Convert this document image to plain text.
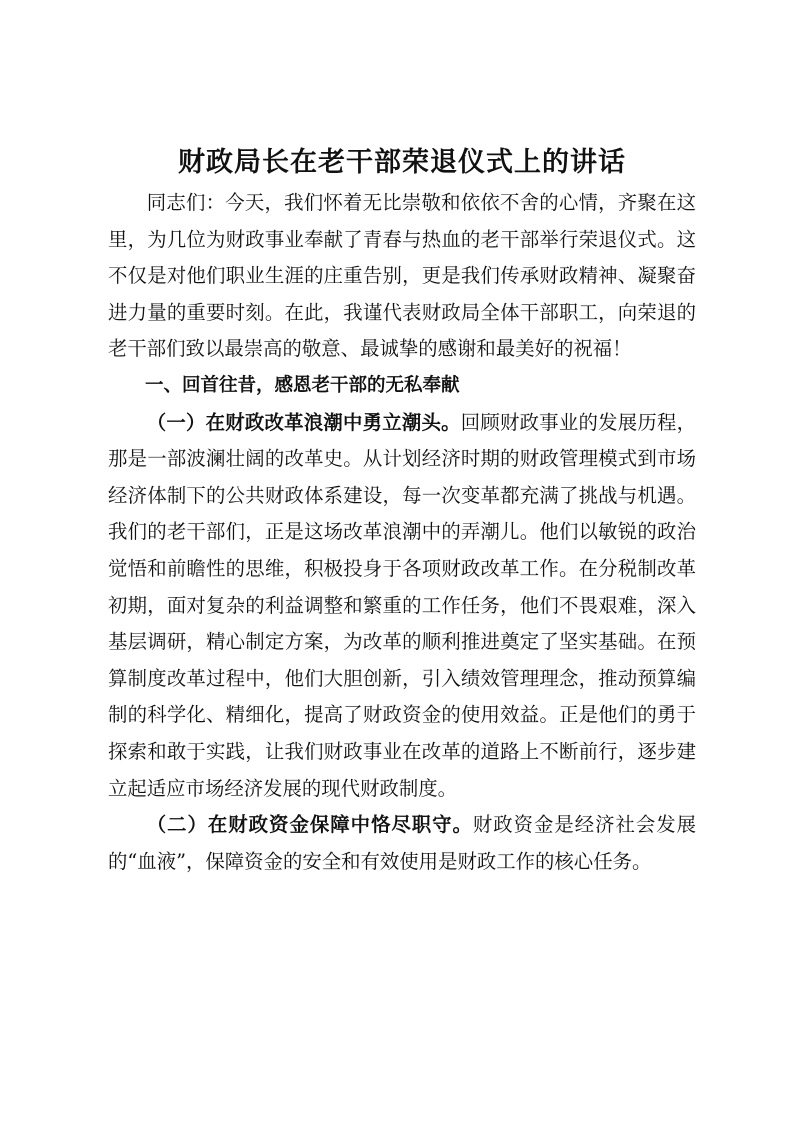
财政局长在老干部荣退仪式上的讲话

同志们：今天，我们怀着无比崇敬和依依不舍的心情，齐聚在这里，为几位为财政事业奉献了青春与热血的老干部举行荣退仪式。这不仅是对他们职业生涯的庄重告别，更是我们传承财政精神、凝聚奋进力量的重要时刻。在此，我谨代表财政局全体干部职工，向荣退的老干部们致以最崇高的敬意、最诚挚的感谢和最美好的祝福！

一、回首往昔，感恩老干部的无私奉献

（一）在财政改革浪潮中勇立潮头。回顾财政事业的发展历程，那是一部波澜壮阔的改革史。从计划经济时期的财政管理模式到市场经济体制下的公共财政体系建设，每一次变革都充满了挑战与机遇。我们的老干部们，正是这场改革浪潮中的弄潮儿。他们以敏锐的政治觉悟和前瞻性的思维，积极投身于各项财政改革工作。在分税制改革初期，面对复杂的利益调整和繁重的工作任务，他们不畏艰难，深入基层调研，精心制定方案，为改革的顺利推进奠定了坚实基础。在预算制度改革过程中，他们大胆创新，引入绩效管理理念，推动预算编制的科学化、精细化，提高了财政资金的使用效益。正是他们的勇于探索和敢于实践，让我们财政事业在改革的道路上不断前行，逐步建立起适应市场经济发展的现代财政制度。

（二）在财政资金保障中恪尽职守。财政资金是经济社会发展的“血液”，保障资金的安全和有效使用是财政工作的核心任务。
